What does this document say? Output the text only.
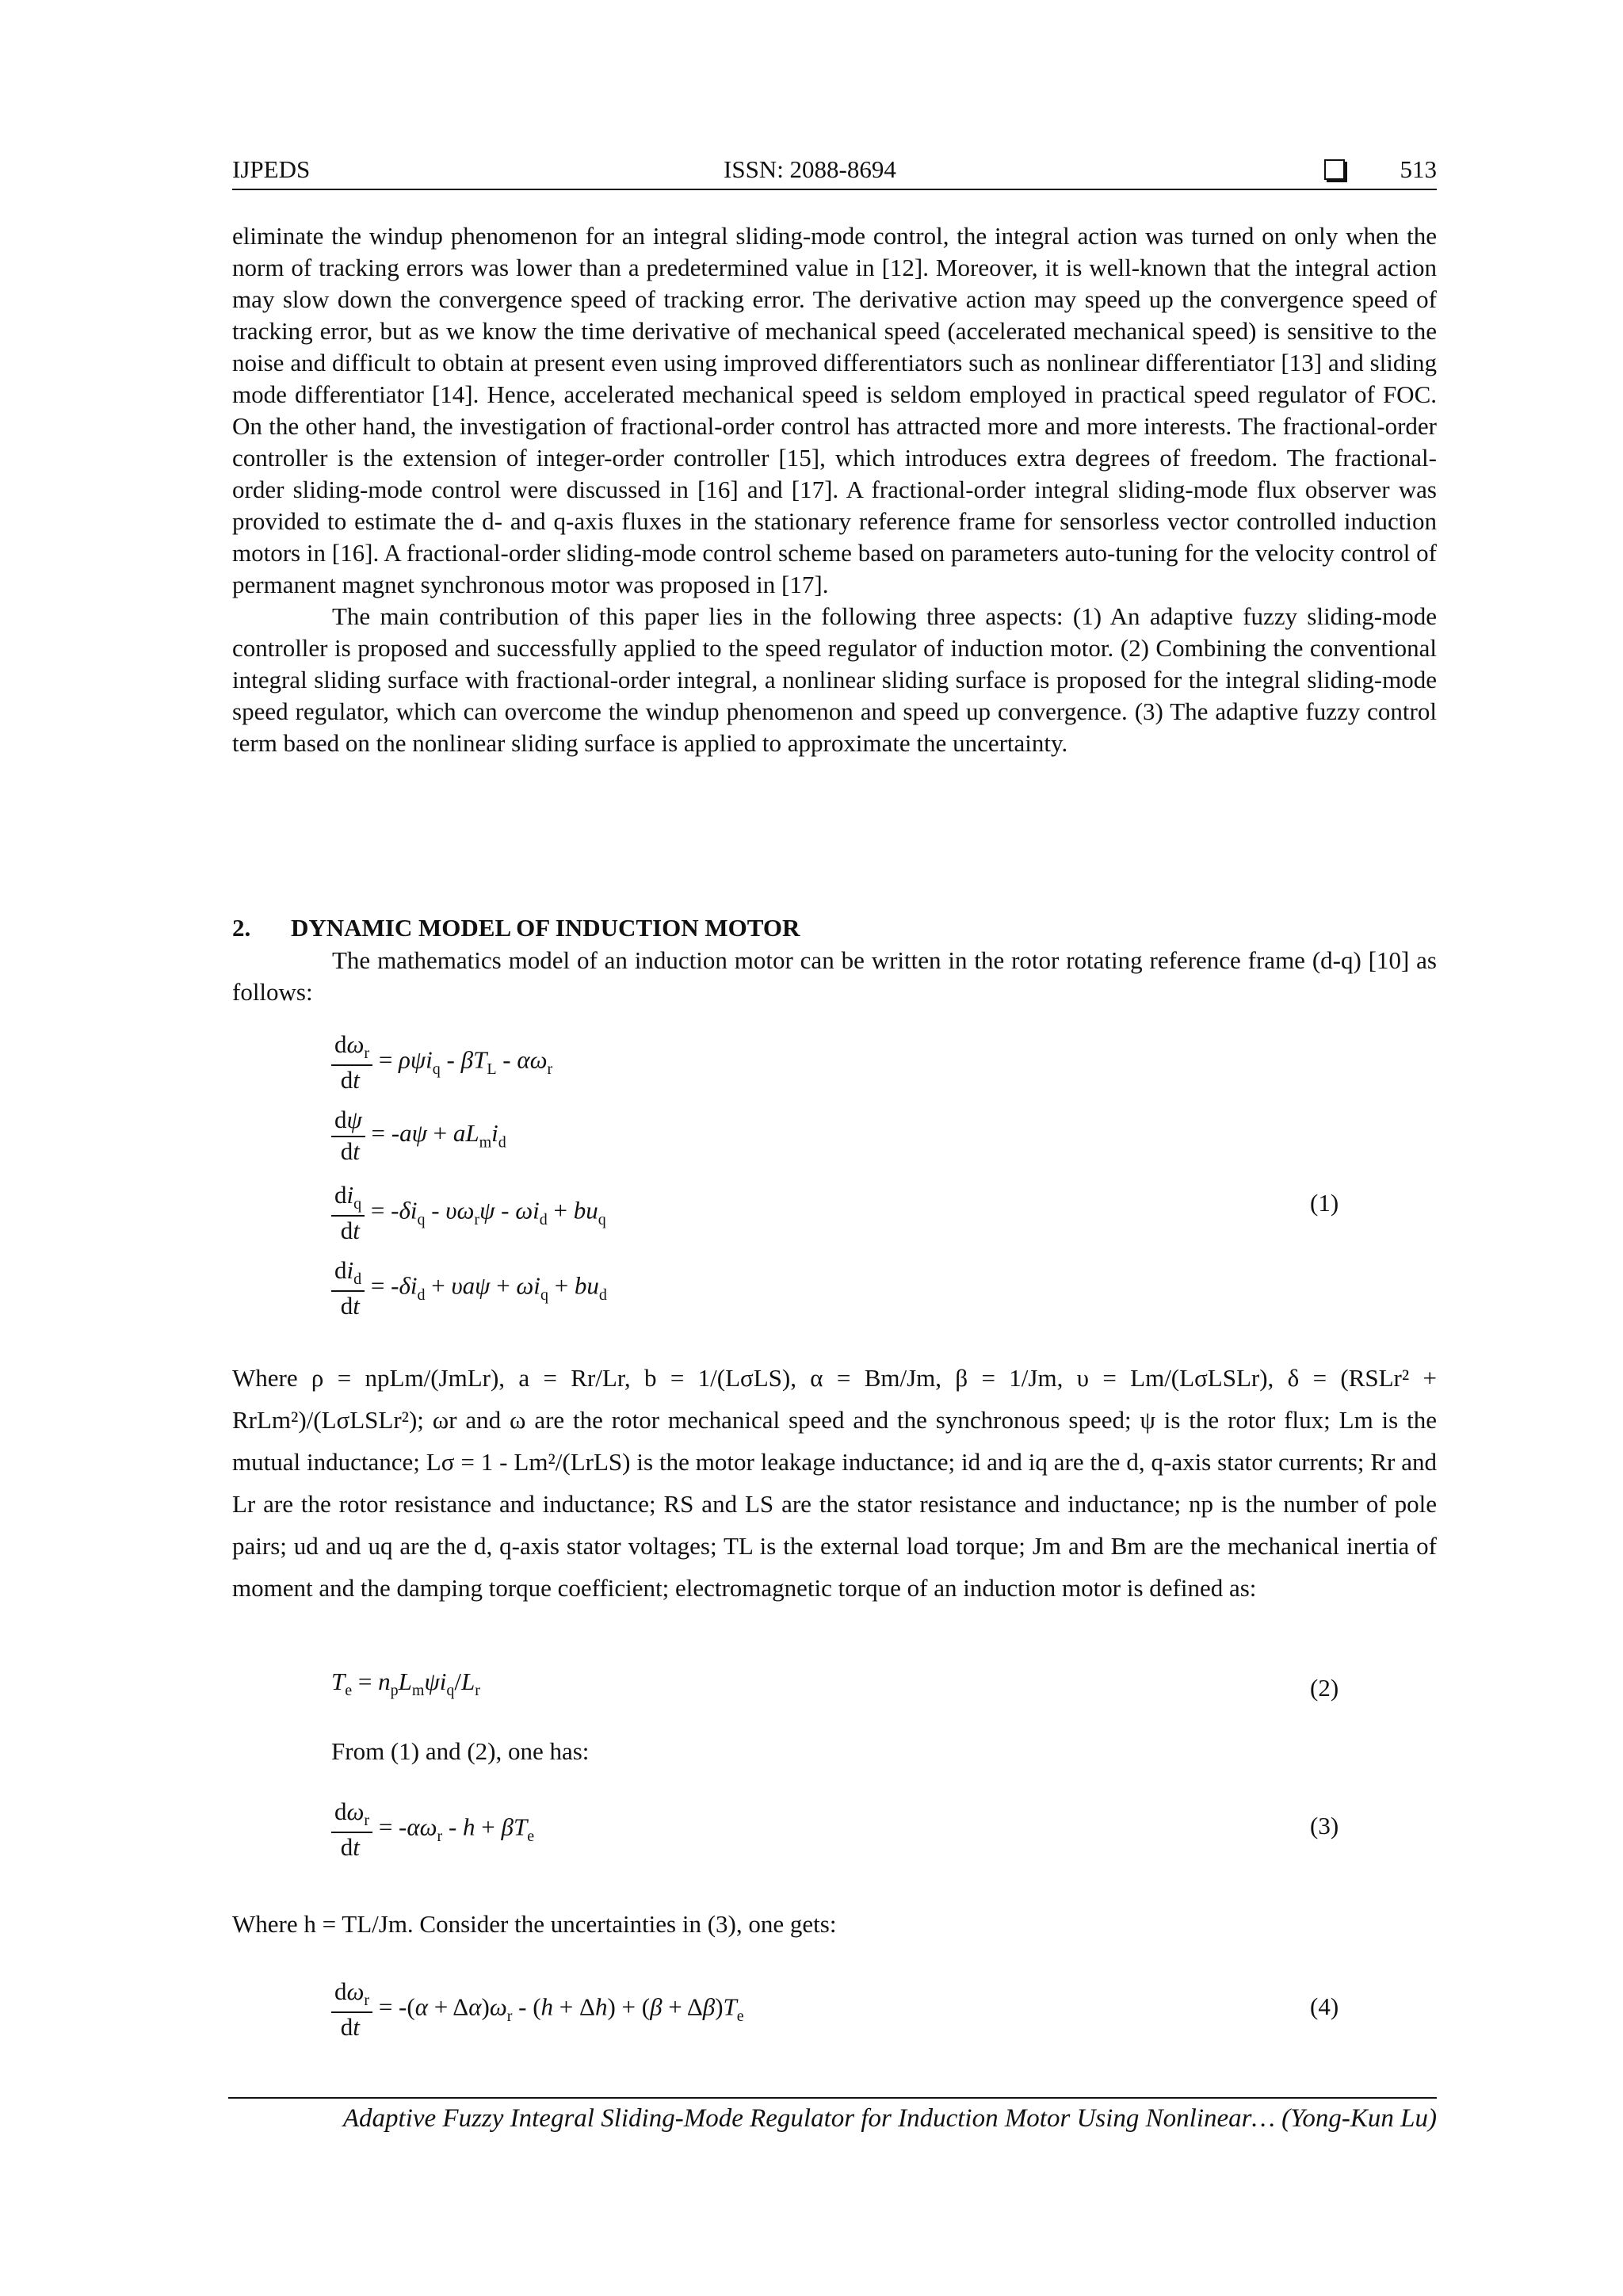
IJPEDS	ISSN: 2088-8694	513

eliminate the windup phenomenon for an integral sliding-mode control, the integral action was turned on only when the norm of tracking errors was lower than a predetermined value in [12]. Moreover, it is well-known that the integral action may slow down the convergence speed of tracking error. The derivative action may speed up the convergence speed of tracking error, but as we know the time derivative of mechanical speed (accelerated mechanical speed) is sensitive to the noise and difficult to obtain at present even using improved differentiators such as nonlinear differentiator [13] and sliding mode differentiator [14]. Hence, accelerated mechanical speed is seldom employed in practical speed regulator of FOC. On the other hand, the investigation of fractional-order control has attracted more and more interests. The fractional-order controller is the extension of integer-order controller [15], which introduces extra degrees of freedom. The fractional-order sliding-mode control were discussed in [16] and [17]. A fractional-order integral sliding-mode flux observer was provided to estimate the d- and q-axis fluxes in the stationary reference frame for sensorless vector controlled induction motors in [16]. A fractional-order sliding-mode control scheme based on parameters auto-tuning for the velocity control of permanent magnet synchronous motor was proposed in [17].

The main contribution of this paper lies in the following three aspects: (1) An adaptive fuzzy sliding-mode controller is proposed and successfully applied to the speed regulator of induction motor. (2) Combining the conventional integral sliding surface with fractional-order integral, a nonlinear sliding surface is proposed for the integral sliding-mode speed regulator, which can overcome the windup phenomenon and speed up convergence. (3) The adaptive fuzzy control term based on the nonlinear sliding surface is applied to approximate the uncertainty.

2. DYNAMIC MODEL OF INDUCTION MOTOR

The mathematics model of an induction motor can be written in the rotor rotating reference frame (d-q) [10] as follows:

$\frac{d\omega_r}{dt} = \rho\psi i_q - \beta T_L - \alpha\omega_r$
$\frac{d\psi}{dt} = -a\psi + aL_mi_d$
$\frac{di_q}{dt} = -\delta i_q - \upsilon\omega_r\psi - \omega i_d + bu_q$
$\frac{di_d}{dt} = -\delta i_d + \upsilon a\psi + \omega i_q + bu_d$
(1)
Where ρ = npLm/(JmLr), a = Rr/Lr, b = 1/(LσLS), α = Bm/Jm, β = 1/Jm, υ = Lm/(LσLSLr), δ = (RSLr² + RrLm²)/(LσLSLr²); ωr and ω are the rotor mechanical speed and the synchronous speed; ψ is the rotor flux; Lm is the mutual inductance; Lσ = 1 - Lm²/(LrLS) is the motor leakage inductance; id and iq are the d, q-axis stator currents; Rr and Lr are the rotor resistance and inductance; RS and LS are the stator resistance and inductance; np is the number of pole pairs; ud and uq are the d, q-axis stator voltages; TL is the external load torque; Jm and Bm are the mechanical inertia of moment and the damping torque coefficient; electromagnetic torque of an induction motor is defined as:
$T_e = n_pL_m\psi i_q/L_r$	(2)
From (1) and (2), one has:
$\frac{d\omega_r}{dt} = -\alpha\omega_r - h + \beta T_e$	(3)
Where h = TL/Jm. Consider the uncertainties in (3), one gets:
$\frac{d\omega_r}{dt} = -(\alpha + \Delta\alpha)\omega_r - (h + \Delta h) + (\beta + \Delta\beta)T_e$	(4)
Adaptive Fuzzy Integral Sliding-Mode Regulator for Induction Motor Using Nonlinear… (Yong-Kun Lu)
